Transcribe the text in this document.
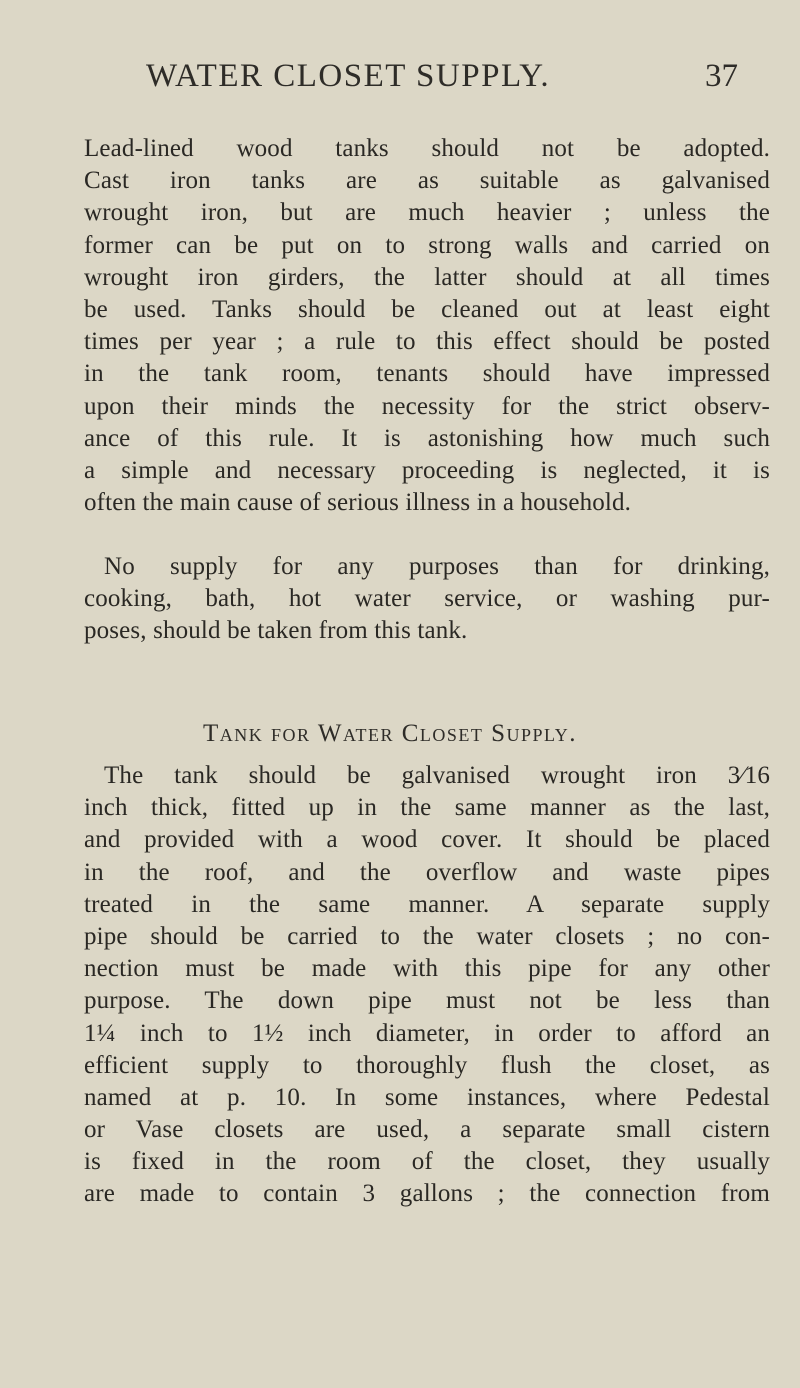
WATER CLOSET SUPPLY.	37
Lead-lined wood tanks should not be adopted.
Cast iron tanks are as suitable as galvanised
wrought iron, but are much heavier ; unless the
former can be put on to strong walls and carried on
wrought iron girders, the latter should at all times
be used. Tanks should be cleaned out at least eight
times per year ; a rule to this effect should be posted
in the tank room, tenants should have impressed
upon their minds the necessity for the strict observ-
ance of this rule. It is astonishing how much such
a simple and necessary proceeding is neglected, it is
often the main cause of serious illness in a household.
No supply for any purposes than for drinking,
cooking, bath, hot water service, or washing pur-
poses, should be taken from this tank.
Tank for Water Closet Supply.
The tank should be galvanised wrought iron 3⁄16
inch thick, fitted up in the same manner as the last,
and provided with a wood cover. It should be placed
in the roof, and the overflow and waste pipes
treated in the same manner. A separate supply
pipe should be carried to the water closets ; no con-
nection must be made with this pipe for any other
purpose. The down pipe must not be less than
1¼ inch to 1½ inch diameter, in order to afford an
efficient supply to thoroughly flush the closet, as
named at p. 10. In some instances, where Pedestal
or Vase closets are used, a separate small cistern
is fixed in the room of the closet, they usually
are made to contain 3 gallons ; the connection from
